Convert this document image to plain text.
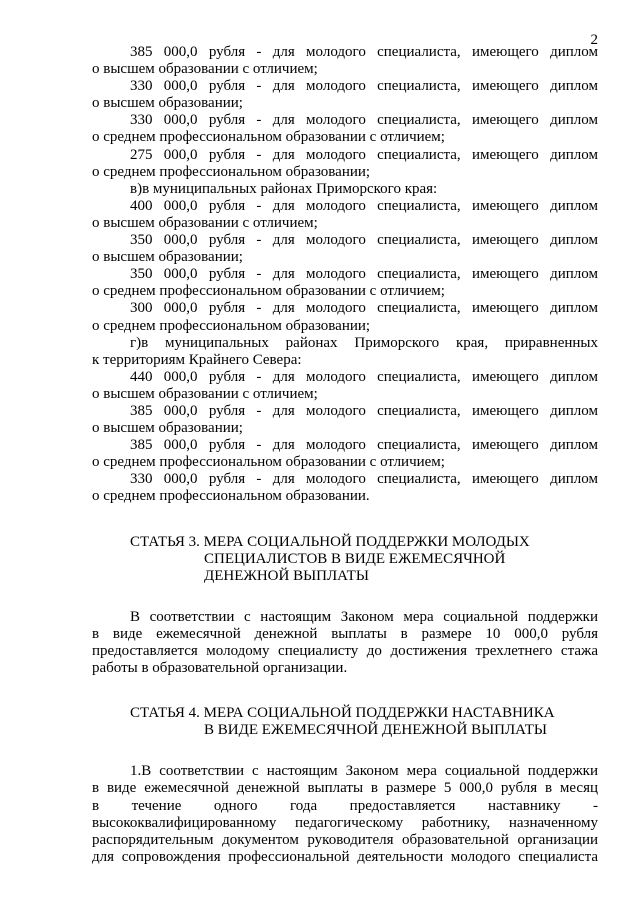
2
385 000,0 рубля - для молодого специалиста, имеющего диплом
о высшем образовании с отличием;
330 000,0 рубля - для молодого специалиста, имеющего диплом
о высшем образовании;
330 000,0 рубля - для молодого специалиста, имеющего диплом
о среднем профессиональном образовании с отличием;
275 000,0 рубля - для молодого специалиста, имеющего диплом
о среднем профессиональном образовании;
в)в муниципальных районах Приморского края:
400 000,0 рубля - для молодого специалиста, имеющего диплом
о высшем образовании с отличием;
350 000,0 рубля - для молодого специалиста, имеющего диплом
о высшем образовании;
350 000,0 рубля - для молодого специалиста, имеющего диплом
о среднем профессиональном образовании с отличием;
300 000,0 рубля - для молодого специалиста, имеющего диплом
о среднем профессиональном образовании;
г)в муниципальных районах Приморского края, приравненных
к территориям Крайнего Севера:
440 000,0 рубля - для молодого специалиста, имеющего диплом
о высшем образовании с отличием;
385 000,0 рубля - для молодого специалиста, имеющего диплом
о высшем образовании;
385 000,0 рубля - для молодого специалиста, имеющего диплом
о среднем профессиональном образовании с отличием;
330 000,0 рубля - для молодого специалиста, имеющего диплом
о среднем профессиональном образовании.
СТАТЬЯ 3. МЕРА СОЦИАЛЬНОЙ ПОДДЕРЖКИ МОЛОДЫХ
СПЕЦИАЛИСТОВ В ВИДЕ ЕЖЕМЕСЯЧНОЙ
ДЕНЕЖНОЙ ВЫПЛАТЫ
В соответствии с настоящим Законом мера социальной поддержки
в виде ежемесячной денежной выплаты в размере 10 000,0 рубля
предоставляется молодому специалисту до достижения трехлетнего стажа
работы в образовательной организации.
СТАТЬЯ 4. МЕРА СОЦИАЛЬНОЙ ПОДДЕРЖКИ НАСТАВНИКА
В ВИДЕ ЕЖЕМЕСЯЧНОЙ ДЕНЕЖНОЙ ВЫПЛАТЫ
1.В соответствии с настоящим Законом мера социальной поддержки
в виде ежемесячной денежной выплаты в размере 5 000,0 рубля в месяц
в течение одного года предоставляется наставнику -
высококвалифицированному педагогическому работнику, назначенному
распорядительным документом руководителя образовательной организации
для сопровождения профессиональной деятельности молодого специалиста
